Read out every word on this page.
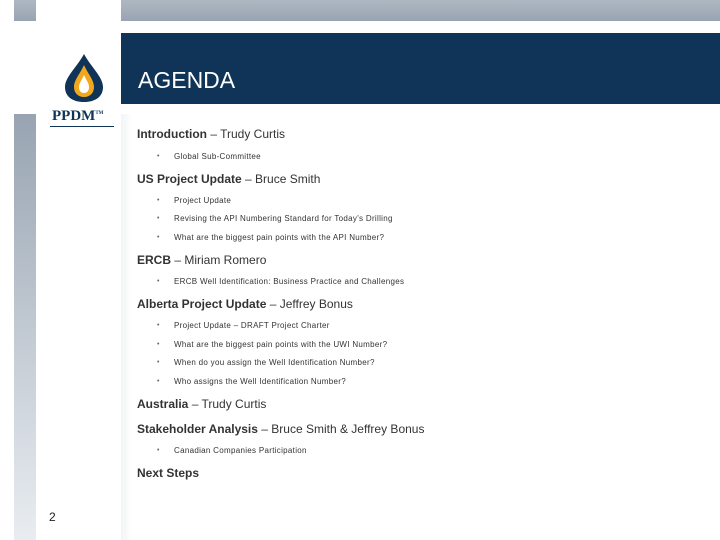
PPDM™
AGENDA
Introduction – Trudy Curtis
• Global Sub-Committee
US Project Update – Bruce Smith
• Project Update
• Revising the API Numbering Standard for Today's Drilling
• What are the biggest pain points with the API Number?
ERCB – Miriam Romero
• ERCB Well Identification: Business Practice and Challenges
Alberta Project Update – Jeffrey Bonus
• Project Update – DRAFT Project Charter
• What are the biggest pain points with the UWI Number?
• When do you assign the Well Identification Number?
• Who assigns the Well Identification Number?
Australia – Trudy Curtis
Stakeholder Analysis – Bruce Smith & Jeffrey Bonus
• Canadian Companies Participation
Next Steps
2
